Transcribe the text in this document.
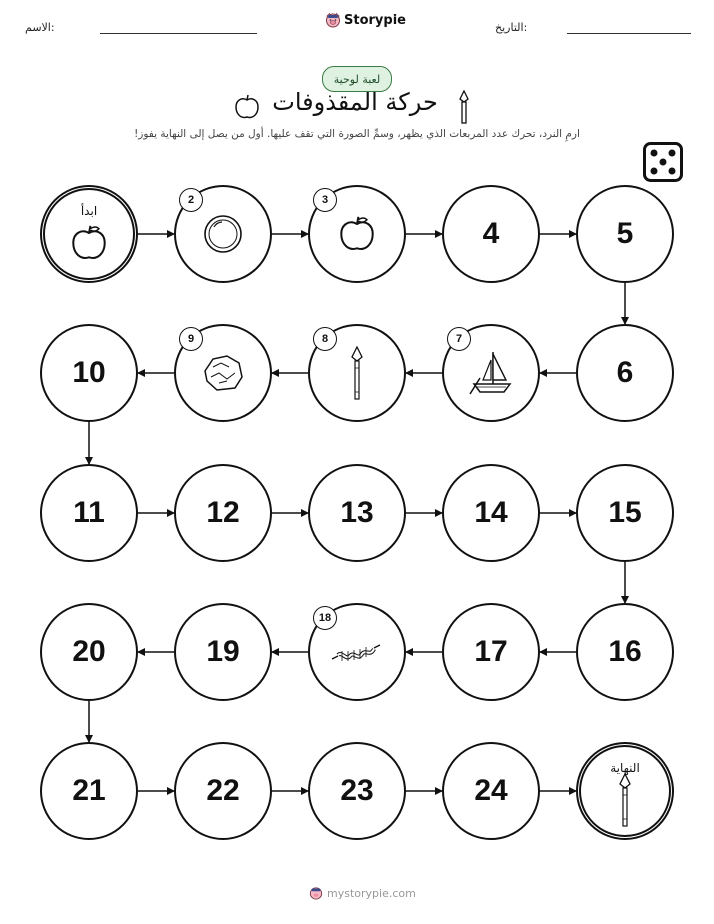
الاسم:	التاريخ:
Storypie
لعبة لوحية
حركة المقذوفات
ارمِ النرد، تحرك عدد المربعات الذي يظهر، وسمِّ الصورة التي تقف عليها. أول من يصل إلى النهاية يفوز!
ابدأ
2	3
4	5
6
7
8
9
10
11	12	13	14	15
16
17
18
19
20
21	22	23	24
النهاية
mystorypie.com
